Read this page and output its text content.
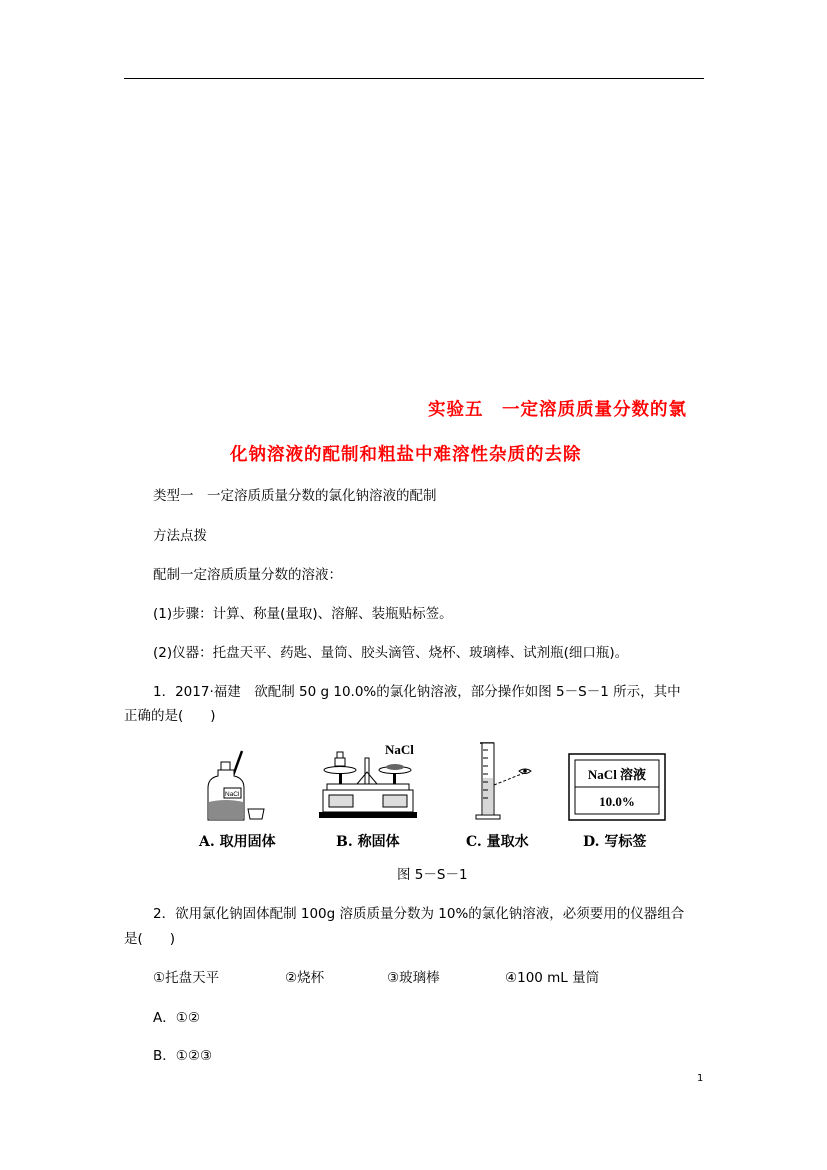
实验五　一定溶质质量分数的氯
化钠溶液的配制和粗盐中难溶性杂质的去除
类型一　一定溶质质量分数的氯化钠溶液的配制
方法点拨
配制一定溶质质量分数的溶液：
(1)步骤：计算、称量(量取)、溶解、装瓶贴标签。
(2)仪器：托盘天平、药匙、量筒、胶头滴管、烧杯、玻璃棒、试剂瓶(细口瓶)。
1．2017·福建　欲配制 50 g 10.0%的氯化钠溶液，部分操作如图 5－S－1 所示，其中
正确的是(　　)
NaCl
NaCl
NaCl 溶液
10.0%
A. 取用固体	B. 称固体	C. 量取水	D. 写标签
图 5－S－1
2．欲用氯化钠固体配制 100g 溶质质量分数为 10%的氯化钠溶液，必须要用的仪器组合
是(　　)
①托盘天平	②烧杯	③玻璃棒	④100 mL 量筒
A．①②
B．①②③
1
